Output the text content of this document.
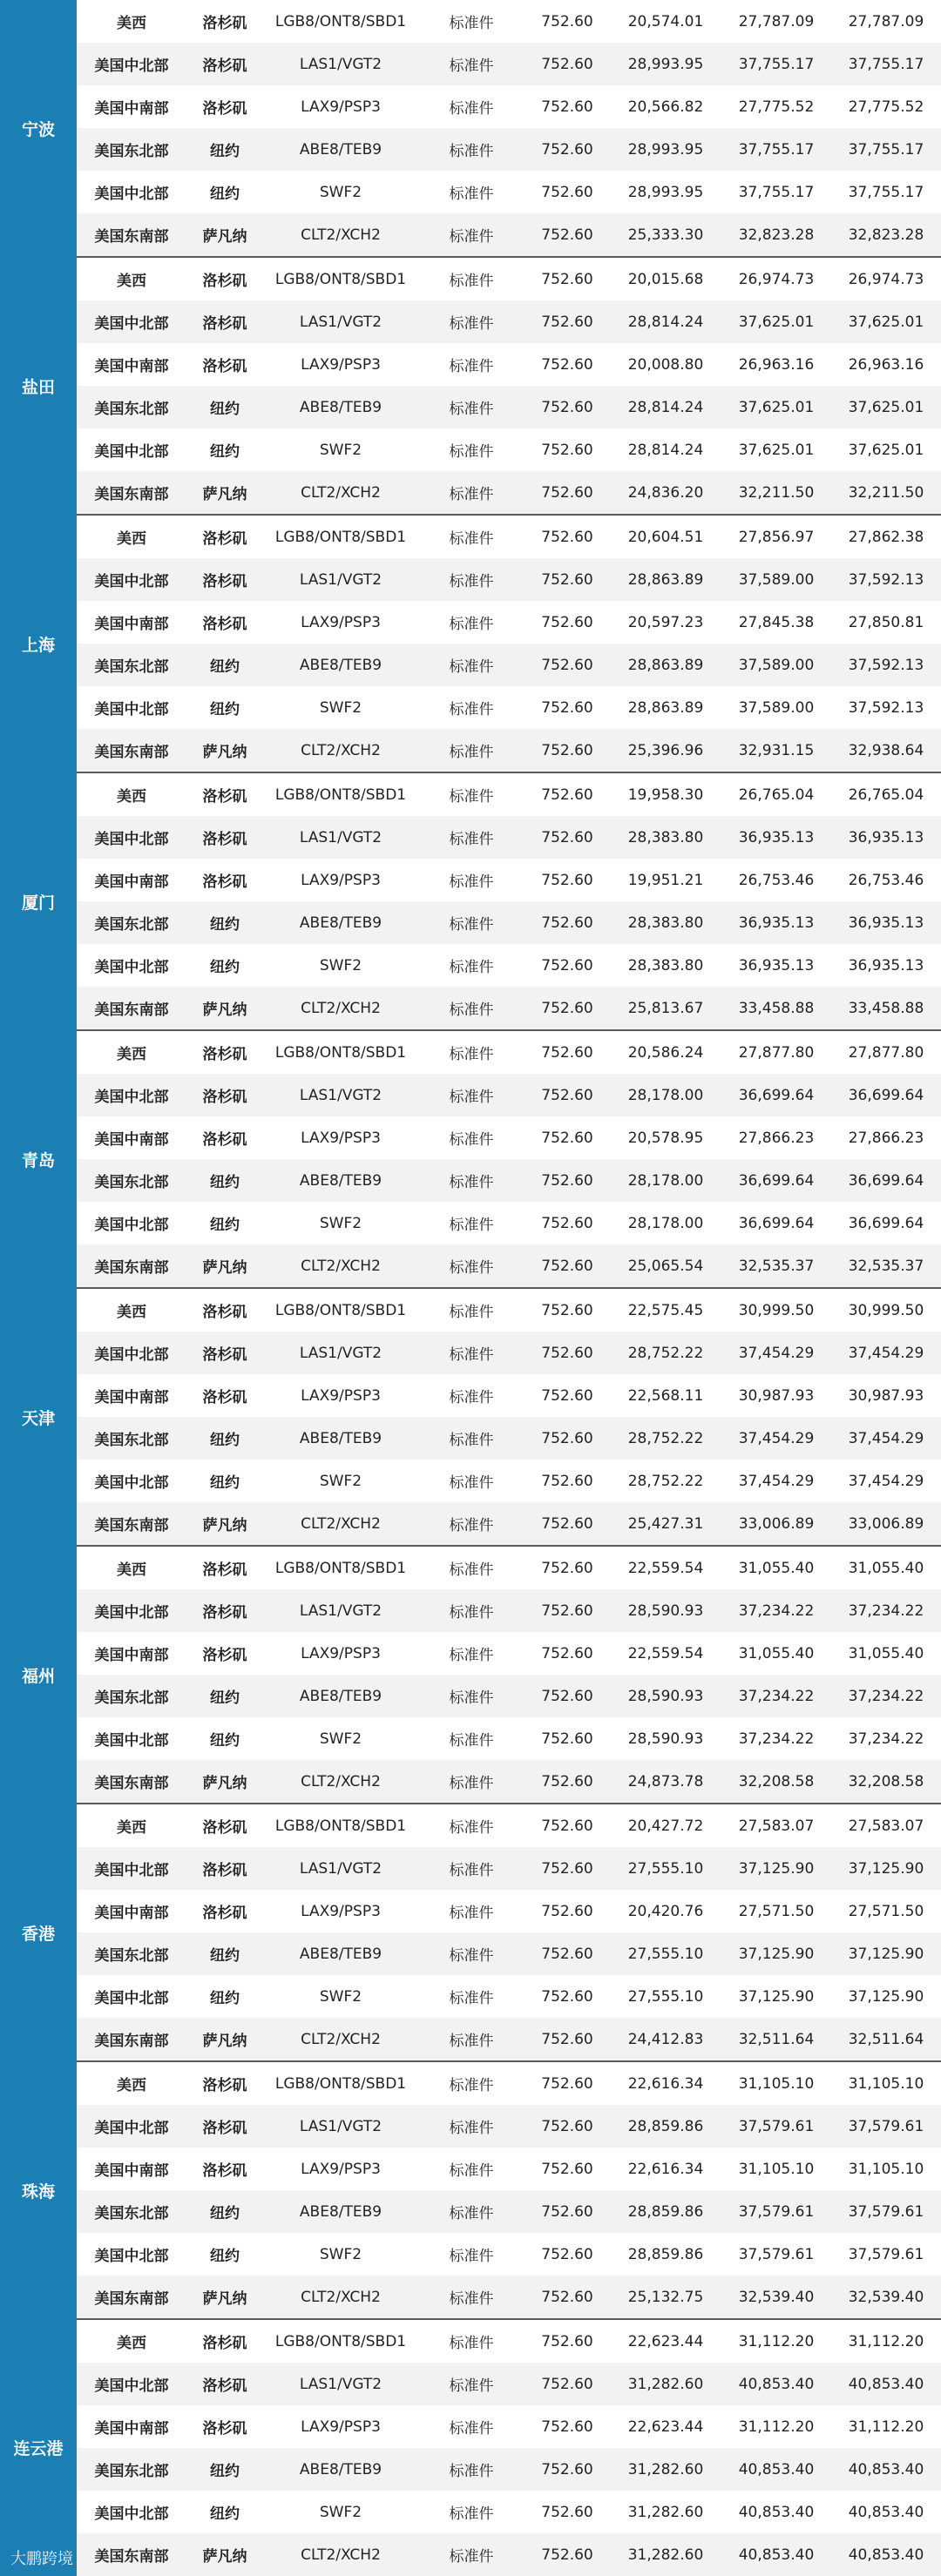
宁波	美西	洛杉矶	LGB8/ONT8/SBD1	标准件	752.60	20,574.01	27,787.09	27,787.09
	美国中北部	洛杉矶	LAS1/VGT2	标准件	752.60	28,993.95	37,755.17	37,755.17
	美国中南部	洛杉矶	LAX9/PSP3	标准件	752.60	20,566.82	27,775.52	27,775.52
	美国东北部	纽约	ABE8/TEB9	标准件	752.60	28,993.95	37,755.17	37,755.17
	美国中北部	纽约	SWF2	标准件	752.60	28,993.95	37,755.17	37,755.17
	美国东南部	萨凡纳	CLT2/XCH2	标准件	752.60	25,333.30	32,823.28	32,823.28
盐田	美西	洛杉矶	LGB8/ONT8/SBD1	标准件	752.60	20,015.68	26,974.73	26,974.73
	美国中北部	洛杉矶	LAS1/VGT2	标准件	752.60	28,814.24	37,625.01	37,625.01
	美国中南部	洛杉矶	LAX9/PSP3	标准件	752.60	20,008.80	26,963.16	26,963.16
	美国东北部	纽约	ABE8/TEB9	标准件	752.60	28,814.24	37,625.01	37,625.01
	美国中北部	纽约	SWF2	标准件	752.60	28,814.24	37,625.01	37,625.01
	美国东南部	萨凡纳	CLT2/XCH2	标准件	752.60	24,836.20	32,211.50	32,211.50
上海	美西	洛杉矶	LGB8/ONT8/SBD1	标准件	752.60	20,604.51	27,856.97	27,862.38
	美国中北部	洛杉矶	LAS1/VGT2	标准件	752.60	28,863.89	37,589.00	37,592.13
	美国中南部	洛杉矶	LAX9/PSP3	标准件	752.60	20,597.23	27,845.38	27,850.81
	美国东北部	纽约	ABE8/TEB9	标准件	752.60	28,863.89	37,589.00	37,592.13
	美国中北部	纽约	SWF2	标准件	752.60	28,863.89	37,589.00	37,592.13
	美国东南部	萨凡纳	CLT2/XCH2	标准件	752.60	25,396.96	32,931.15	32,938.64
厦门	美西	洛杉矶	LGB8/ONT8/SBD1	标准件	752.60	19,958.30	26,765.04	26,765.04
	美国中北部	洛杉矶	LAS1/VGT2	标准件	752.60	28,383.80	36,935.13	36,935.13
	美国中南部	洛杉矶	LAX9/PSP3	标准件	752.60	19,951.21	26,753.46	26,753.46
	美国东北部	纽约	ABE8/TEB9	标准件	752.60	28,383.80	36,935.13	36,935.13
	美国中北部	纽约	SWF2	标准件	752.60	28,383.80	36,935.13	36,935.13
	美国东南部	萨凡纳	CLT2/XCH2	标准件	752.60	25,813.67	33,458.88	33,458.88
青岛	美西	洛杉矶	LGB8/ONT8/SBD1	标准件	752.60	20,586.24	27,877.80	27,877.80
	美国中北部	洛杉矶	LAS1/VGT2	标准件	752.60	28,178.00	36,699.64	36,699.64
	美国中南部	洛杉矶	LAX9/PSP3	标准件	752.60	20,578.95	27,866.23	27,866.23
	美国东北部	纽约	ABE8/TEB9	标准件	752.60	28,178.00	36,699.64	36,699.64
	美国中北部	纽约	SWF2	标准件	752.60	28,178.00	36,699.64	36,699.64
	美国东南部	萨凡纳	CLT2/XCH2	标准件	752.60	25,065.54	32,535.37	32,535.37
天津	美西	洛杉矶	LGB8/ONT8/SBD1	标准件	752.60	22,575.45	30,999.50	30,999.50
	美国中北部	洛杉矶	LAS1/VGT2	标准件	752.60	28,752.22	37,454.29	37,454.29
	美国中南部	洛杉矶	LAX9/PSP3	标准件	752.60	22,568.11	30,987.93	30,987.93
	美国东北部	纽约	ABE8/TEB9	标准件	752.60	28,752.22	37,454.29	37,454.29
	美国中北部	纽约	SWF2	标准件	752.60	28,752.22	37,454.29	37,454.29
	美国东南部	萨凡纳	CLT2/XCH2	标准件	752.60	25,427.31	33,006.89	33,006.89
福州	美西	洛杉矶	LGB8/ONT8/SBD1	标准件	752.60	22,559.54	31,055.40	31,055.40
	美国中北部	洛杉矶	LAS1/VGT2	标准件	752.60	28,590.93	37,234.22	37,234.22
	美国中南部	洛杉矶	LAX9/PSP3	标准件	752.60	22,559.54	31,055.40	31,055.40
	美国东北部	纽约	ABE8/TEB9	标准件	752.60	28,590.93	37,234.22	37,234.22
	美国中北部	纽约	SWF2	标准件	752.60	28,590.93	37,234.22	37,234.22
	美国东南部	萨凡纳	CLT2/XCH2	标准件	752.60	24,873.78	32,208.58	32,208.58
香港	美西	洛杉矶	LGB8/ONT8/SBD1	标准件	752.60	20,427.72	27,583.07	27,583.07
	美国中北部	洛杉矶	LAS1/VGT2	标准件	752.60	27,555.10	37,125.90	37,125.90
	美国中南部	洛杉矶	LAX9/PSP3	标准件	752.60	20,420.76	27,571.50	27,571.50
	美国东北部	纽约	ABE8/TEB9	标准件	752.60	27,555.10	37,125.90	37,125.90
	美国中北部	纽约	SWF2	标准件	752.60	27,555.10	37,125.90	37,125.90
	美国东南部	萨凡纳	CLT2/XCH2	标准件	752.60	24,412.83	32,511.64	32,511.64
珠海	美西	洛杉矶	LGB8/ONT8/SBD1	标准件	752.60	22,616.34	31,105.10	31,105.10
	美国中北部	洛杉矶	LAS1/VGT2	标准件	752.60	28,859.86	37,579.61	37,579.61
	美国中南部	洛杉矶	LAX9/PSP3	标准件	752.60	22,616.34	31,105.10	31,105.10
	美国东北部	纽约	ABE8/TEB9	标准件	752.60	28,859.86	37,579.61	37,579.61
	美国中北部	纽约	SWF2	标准件	752.60	28,859.86	37,579.61	37,579.61
	美国东南部	萨凡纳	CLT2/XCH2	标准件	752.60	25,132.75	32,539.40	32,539.40
连云港	美西	洛杉矶	LGB8/ONT8/SBD1	标准件	752.60	22,623.44	31,112.20	31,112.20
	美国中北部	洛杉矶	LAS1/VGT2	标准件	752.60	31,282.60	40,853.40	40,853.40
	美国中南部	洛杉矶	LAX9/PSP3	标准件	752.60	22,623.44	31,112.20	31,112.20
	美国东北部	纽约	ABE8/TEB9	标准件	752.60	31,282.60	40,853.40	40,853.40
	美国中北部	纽约	SWF2	标准件	752.60	31,282.60	40,853.40	40,853.40
	美国东南部	萨凡纳	CLT2/XCH2	标准件	752.60	31,282.60	40,853.40	40,853.40
大鹏跨境
